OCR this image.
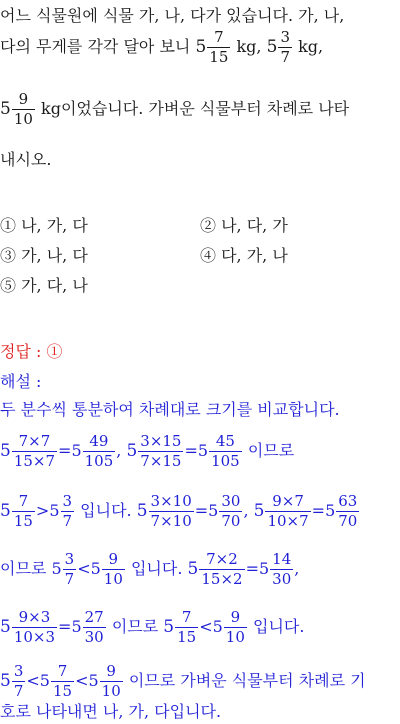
어느 식물원에 식물 가, 나, 다가 있습니다. 가, 나,
다의 무게를 각각 달아 보니 $5 \frac{7}{15}$ kg, $5 \frac{3}{7}$ kg,
$5 \frac{9}{10}$ kg이었습니다. 가벼운 식물부터 차례로 나타
내시오.
① 나, 가, 다	② 나, 다, 가
③ 가, 나, 다	④ 다, 가, 나
⑤ 가, 다, 나
정답 : ①
해설 :
두 분수씩 통분하여 차례대로 크기를 비교합니다.
$5 \frac{7\times 7}{15\times 7} =5 \frac{49}{105}$ , $5 \frac{3\times 15}{7\times 15} =5 \frac{45}{105}$ 이므로
$5 \frac{7}{15} >5 \frac{3}{7}$ 입니다. $5 \frac{3\times 10}{7\times 10} =5 \frac{30}{70}$ , $5 \frac{9\times 7}{10\times 7} =5 \frac{63}{70}$
이므로 $5 \frac{3}{7} <5 \frac{9}{10}$ 입니다. $5 \frac{7\times 2}{15\times 2} =5 \frac{14}{30}$ ,
$5 \frac{9\times 3}{10\times 3} =5 \frac{27}{30}$ 이므로 $5 \frac{7}{15} <5 \frac{9}{10}$ 입니다.
$5 \frac{3}{7} <5 \frac{7}{15} <5 \frac{9}{10}$ 이므로 가벼운 식물부터 차례로 기
호로 나타내면 나, 가, 다입니다.
